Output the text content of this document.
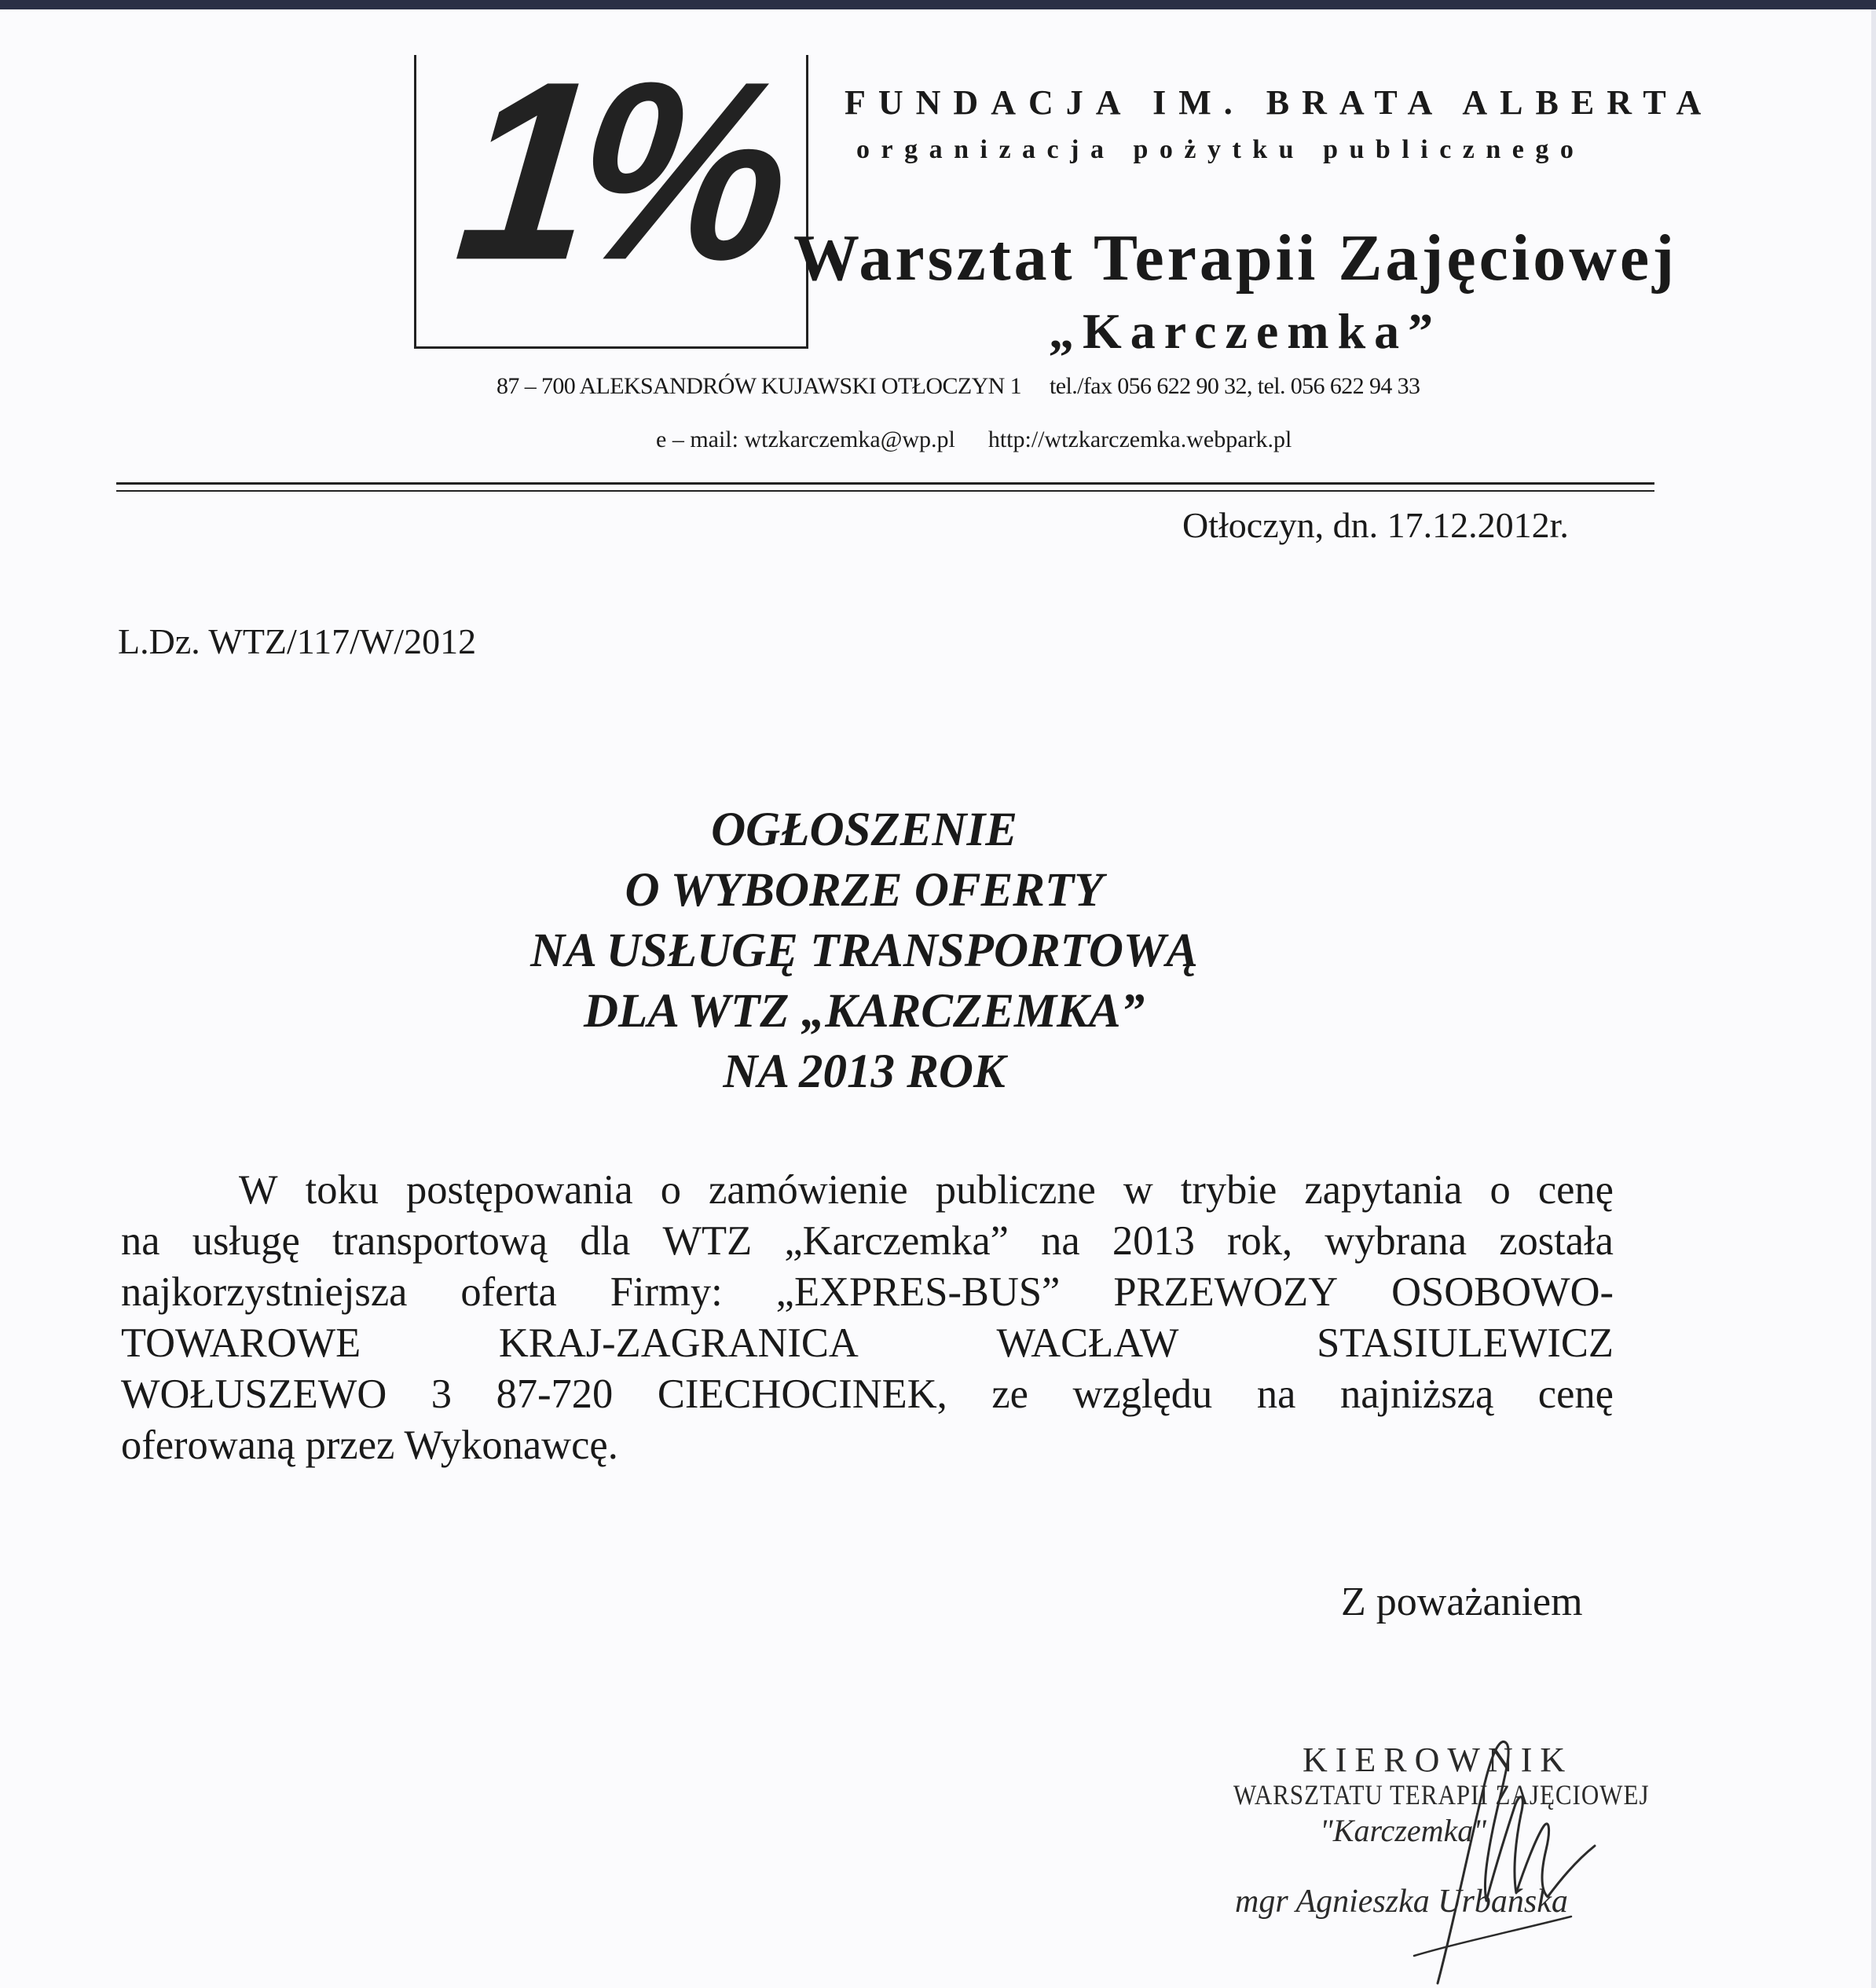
1% FUNDACJA IM. BRATA ALBERTA
organizacja pożytku publicznego
Warsztat Terapii Zajęciowej
„Karczemka”
87 – 700 ALEKSANDRÓW KUJAWSKI OTŁOCZYN 1 tel./fax 056 622 90 32, tel. 056 622 94 33
e – mail: wtzkarczemka@wp.pl http://wtzkarczemka.webpark.pl
Otłoczyn, dn. 17.12.2012r.
L.Dz. WTZ/117/W/2012
OGŁOSZENIE
O WYBORZE OFERTY
NA USŁUGĘ TRANSPORTOWĄ
DLA WTZ „KARCZEMKA”
NA 2013 ROK
W toku postępowania o zamówienie publiczne w trybie zapytania o cenę
na usługę transportową dla WTZ „Karczemka” na 2013 rok, wybrana została
najkorzystniejsza oferta Firmy: „EXPRES-BUS” PRZEWOZY OSOBOWO-
TOWAROWE	KRAJ-ZAGRANICA	WACŁAW	STASIULEWICZ
WOŁUSZEWO 3 87-720 CIECHOCINEK, ze względu na najniższą cenę
oferowaną przez Wykonawcę.
Z poważaniem
KIEROWNIK
WARSZTATU TERAPII ZAJĘCIOWEJ
"Karczemka"
mgr Agnieszka Urbańska
